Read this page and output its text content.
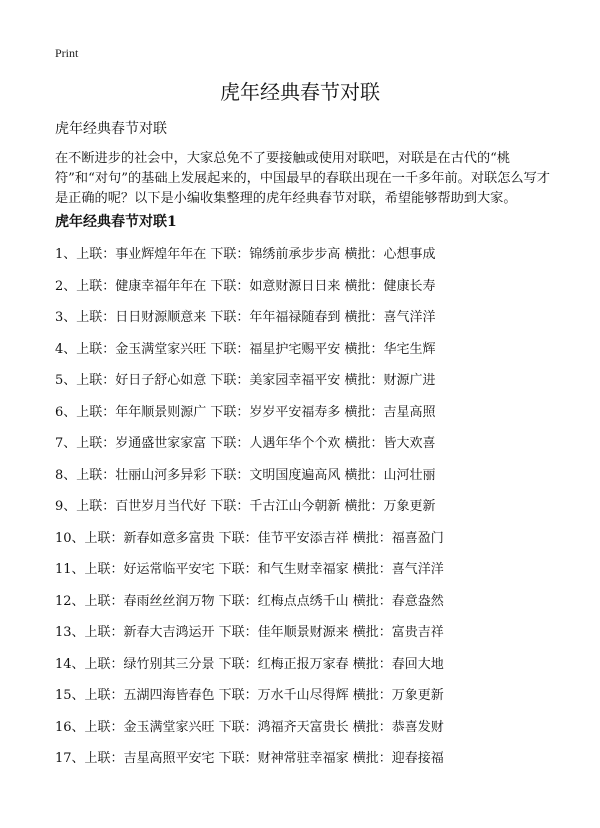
Print
虎年经典春节对联
虎年经典春节对联

在不断进步的社会中，大家总免不了要接触或使用对联吧，对联是在古代的“桃符”和“对句”的基础上发展起来的，中国最早的春联出现在一千多年前。对联怎么写才是正确的呢？以下是小编收集整理的虎年经典春节对联，希望能够帮助到大家。

虎年经典春节对联1
1、上联：事业辉煌年年在 下联：锦绣前承步步高 横批：心想事成
2、上联：健康幸福年年在 下联：如意财源日日来 横批：健康长寿
3、上联：日日财源顺意来 下联：年年福禄随春到 横批：喜气洋洋
4、上联：金玉满堂家兴旺 下联：福星护宅赐平安 横批：华宅生辉
5、上联：好日子舒心如意 下联：美家园幸福平安 横批：财源广进
6、上联：年年顺景则源广 下联：岁岁平安福寿多 横批：吉星高照
7、上联：岁通盛世家家富 下联：人遇年华个个欢 横批：皆大欢喜
8、上联：壮丽山河多异彩 下联：文明国度遍高风 横批：山河壮丽
9、上联：百世岁月当代好 下联：千古江山今朝新 横批：万象更新
10、上联：新春如意多富贵 下联：佳节平安添吉祥 横批：福喜盈门
11、上联：好运常临平安宅 下联：和气生财幸福家 横批：喜气洋洋
12、上联：春雨丝丝润万物 下联：红梅点点绣千山 横批：春意盎然
13、上联：新春大吉鸿运开 下联：佳年顺景财源来 横批：富贵吉祥
14、上联：绿竹别其三分景 下联：红梅正报万家春 横批：春回大地
15、上联：五湖四海皆春色 下联：万水千山尽得辉 横批：万象更新
16、上联：金玉满堂家兴旺 下联：鸿福齐天富贵长 横批：恭喜发财
17、上联：吉星高照平安宅 下联：财神常驻幸福家 横批：迎春接福
